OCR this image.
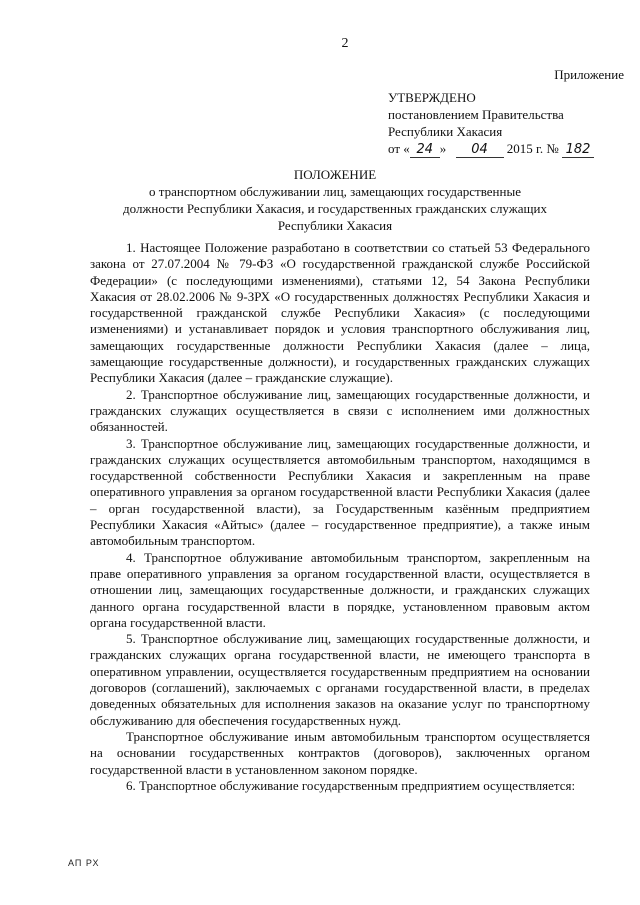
2
Приложение
УТВЕРЖДЕНО
постановлением Правительства
Республики Хакасия
от « 24 » 04 2015 г. № 182
ПОЛОЖЕНИЕ
о транспортном обслуживании лиц, замещающих государственные должности Республики Хакасия, и государственных гражданских служащих Республики Хакасия

1. Настоящее Положение разработано в соответствии со статьей 53 Федерального закона от 27.07.2004 № 79-ФЗ «О государственной гражданской службе Российской Федерации» (с последующими изменениями), статьями 12, 54 Закона Республики Хакасия от 28.02.2006 № 9-ЗРХ «О государственных должностях Республики Хакасия и государственной гражданской службе Республики Хакасия» (с последующими изменениями) и устанавливает порядок и условия транспортного обслуживания лиц, замещающих государственные должности Республики Хакасия (далее – лица, замещающие государственные должности), и государственных гражданских служащих Республики Хакасия (далее – гражданские служащие).

2. Транспортное обслуживание лиц, замещающих государственные должности, и гражданских служащих осуществляется в связи с исполнением ими должностных обязанностей.

3. Транспортное обслуживание лиц, замещающих государственные должности, и гражданских служащих осуществляется автомобильным транспортом, находящимся в государственной собственности Республики Хакасия и закрепленным на праве оперативного управления за органом государственной власти Республики Хакасия (далее – орган государственной власти), за Государственным казённым предприятием Республики Хакасия «Айтыс» (далее – государственное предприятие), а также иным автомобильным транспортом.

4. Транспортное облуживание автомобильным транспортом, закрепленным на праве оперативного управления за органом государственной власти, осуществляется в отношении лиц, замещающих государственные должности, и гражданских служащих данного органа государственной власти в порядке, установленном правовым актом органа государственной власти.

5. Транспортное обслуживание лиц, замещающих государственные должности, и гражданских служащих органа государственной власти, не имеющего транспорта в оперативном управлении, осуществляется государственным предприятием на основании договоров (соглашений), заключаемых с органами государственной власти, в пределах доведенных обязательных для исполнения заказов на оказание услуг по транспортному обслуживанию для обеспечения государственных нужд.

Транспортное обслуживание иным автомобильным транспортом осуществляется на основании государственных контрактов (договоров), заключенных органом государственной власти в установленном законом порядке.

6. Транспортное обслуживание государственным предприятием осуществляется:

АП РХ
